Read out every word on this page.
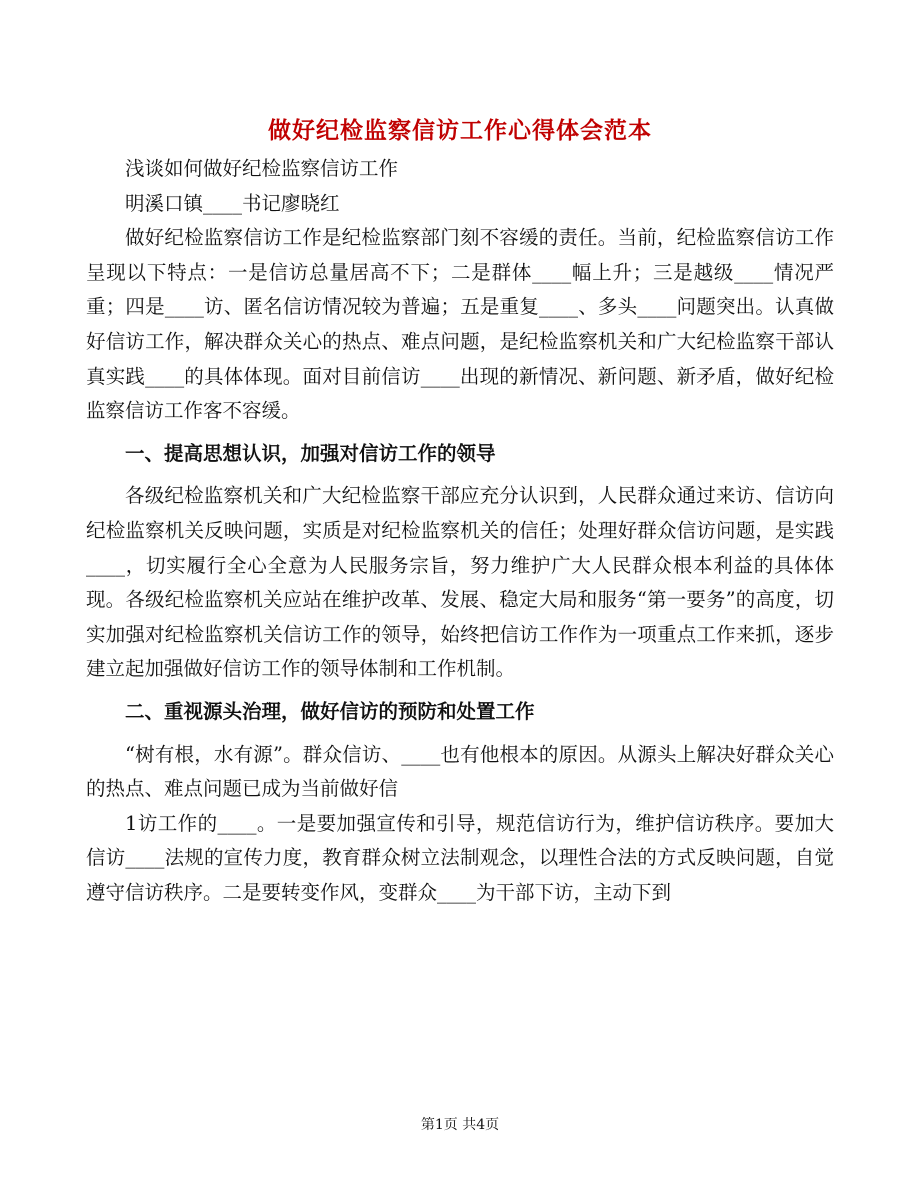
做好纪检监察信访工作心得体会范本

浅谈如何做好纪检监察信访工作

明溪口镇____书记廖晓红

做好纪检监察信访工作是纪检监察部门刻不容缓的责任。当前，纪检监察信访工作呈现以下特点：一是信访总量居高不下；二是群体____幅上升；三是越级____情况严重；四是____访、匿名信访情况较为普遍；五是重复____、多头____问题突出。认真做好信访工作，解决群众关心的热点、难点问题，是纪检监察机关和广大纪检监察干部认真实践____的具体体现。面对目前信访____出现的新情况、新问题、新矛盾，做好纪检监察信访工作客不容缓。

一、提高思想认识，加强对信访工作的领导

各级纪检监察机关和广大纪检监察干部应充分认识到，人民群众通过来访、信访向纪检监察机关反映问题，实质是对纪检监察机关的信任；处理好群众信访问题，是实践____，切实履行全心全意为人民服务宗旨，努力维护广大人民群众根本利益的具体体现。各级纪检监察机关应站在维护改革、发展、稳定大局和服务“第一要务”的高度，切实加强对纪检监察机关信访工作的领导，始终把信访工作作为一项重点工作来抓，逐步建立起加强做好信访工作的领导体制和工作机制。

二、重视源头治理，做好信访的预防和处置工作

“树有根，水有源”。群众信访、____也有他根本的原因。从源头上解决好群众关心的热点、难点问题已成为当前做好信

1访工作的____。一是要加强宣传和引导，规范信访行为，维护信访秩序。要加大信访____法规的宣传力度，教育群众树立法制观念，以理性合法的方式反映问题，自觉遵守信访秩序。二是要转变作风，变群众____为干部下访，主动下到

第1页 共4页
